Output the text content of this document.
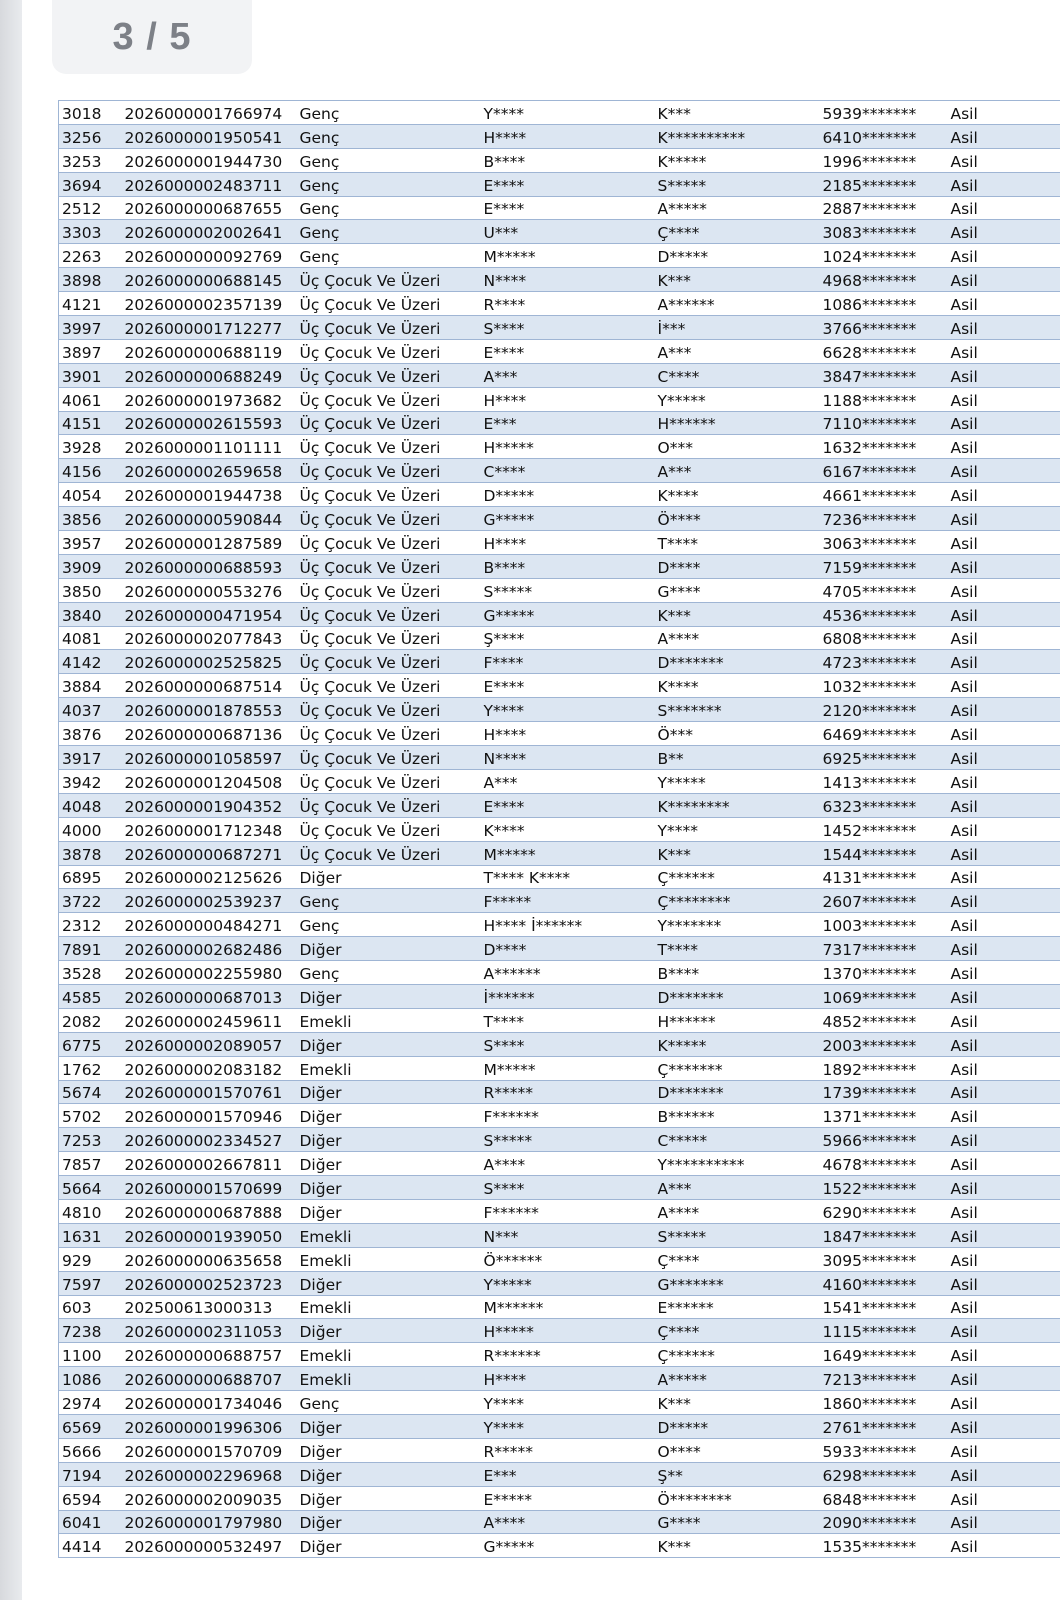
3 / 5
3018	2026000001766974	Genç	Y****	K***	5939*******	Asil
3256	2026000001950541	Genç	H****	K**********	6410*******	Asil
3253	2026000001944730	Genç	B****	K*****	1996*******	Asil
3694	2026000002483711	Genç	E****	S*****	2185*******	Asil
2512	2026000000687655	Genç	E****	A*****	2887*******	Asil
3303	2026000002002641	Genç	U***	Ç****	3083*******	Asil
2263	2026000000092769	Genç	M*****	D*****	1024*******	Asil
3898	2026000000688145	Üç Çocuk Ve Üzeri	N****	K***	4968*******	Asil
4121	2026000002357139	Üç Çocuk Ve Üzeri	R****	A******	1086*******	Asil
3997	2026000001712277	Üç Çocuk Ve Üzeri	S****	İ***	3766*******	Asil
3897	2026000000688119	Üç Çocuk Ve Üzeri	E****	A***	6628*******	Asil
3901	2026000000688249	Üç Çocuk Ve Üzeri	A***	C****	3847*******	Asil
4061	2026000001973682	Üç Çocuk Ve Üzeri	H****	Y*****	1188*******	Asil
4151	2026000002615593	Üç Çocuk Ve Üzeri	E***	H******	7110*******	Asil
3928	2026000001101111	Üç Çocuk Ve Üzeri	H*****	O***	1632*******	Asil
4156	2026000002659658	Üç Çocuk Ve Üzeri	C****	A***	6167*******	Asil
4054	2026000001944738	Üç Çocuk Ve Üzeri	D*****	K****	4661*******	Asil
3856	2026000000590844	Üç Çocuk Ve Üzeri	G*****	Ö****	7236*******	Asil
3957	2026000001287589	Üç Çocuk Ve Üzeri	H****	T****	3063*******	Asil
3909	2026000000688593	Üç Çocuk Ve Üzeri	B****	D****	7159*******	Asil
3850	2026000000553276	Üç Çocuk Ve Üzeri	S*****	G****	4705*******	Asil
3840	2026000000471954	Üç Çocuk Ve Üzeri	G*****	K***	4536*******	Asil
4081	2026000002077843	Üç Çocuk Ve Üzeri	Ş****	A****	6808*******	Asil
4142	2026000002525825	Üç Çocuk Ve Üzeri	F****	D*******	4723*******	Asil
3884	2026000000687514	Üç Çocuk Ve Üzeri	E****	K****	1032*******	Asil
4037	2026000001878553	Üç Çocuk Ve Üzeri	Y****	S*******	2120*******	Asil
3876	2026000000687136	Üç Çocuk Ve Üzeri	H****	Ö***	6469*******	Asil
3917	2026000001058597	Üç Çocuk Ve Üzeri	N****	B**	6925*******	Asil
3942	2026000001204508	Üç Çocuk Ve Üzeri	A***	Y*****	1413*******	Asil
4048	2026000001904352	Üç Çocuk Ve Üzeri	E****	K********	6323*******	Asil
4000	2026000001712348	Üç Çocuk Ve Üzeri	K****	Y****	1452*******	Asil
3878	2026000000687271	Üç Çocuk Ve Üzeri	M*****	K***	1544*******	Asil
6895	2026000002125626	Diğer	T**** K****	Ç******	4131*******	Asil
3722	2026000002539237	Genç	F*****	Ç********	2607*******	Asil
2312	2026000000484271	Genç	H**** İ******	Y*******	1003*******	Asil
7891	2026000002682486	Diğer	D****	T****	7317*******	Asil
3528	2026000002255980	Genç	A******	B****	1370*******	Asil
4585	2026000000687013	Diğer	İ******	D*******	1069*******	Asil
2082	2026000002459611	Emekli	T****	H******	4852*******	Asil
6775	2026000002089057	Diğer	S****	K*****	2003*******	Asil
1762	2026000002083182	Emekli	M*****	Ç*******	1892*******	Asil
5674	2026000001570761	Diğer	R*****	D*******	1739*******	Asil
5702	2026000001570946	Diğer	F******	B******	1371*******	Asil
7253	2026000002334527	Diğer	S*****	C*****	5966*******	Asil
7857	2026000002667811	Diğer	A****	Y**********	4678*******	Asil
5664	2026000001570699	Diğer	S****	A***	1522*******	Asil
4810	2026000000687888	Diğer	F******	A****	6290*******	Asil
1631	2026000001939050	Emekli	N***	S*****	1847*******	Asil
929	2026000000635658	Emekli	Ö******	Ç****	3095*******	Asil
7597	2026000002523723	Diğer	Y*****	G*******	4160*******	Asil
603	202500613000313	Emekli	M******	E******	1541*******	Asil
7238	2026000002311053	Diğer	H*****	Ç****	1115*******	Asil
1100	2026000000688757	Emekli	R******	Ç******	1649*******	Asil
1086	2026000000688707	Emekli	H****	A*****	7213*******	Asil
2974	2026000001734046	Genç	Y****	K***	1860*******	Asil
6569	2026000001996306	Diğer	Y****	D*****	2761*******	Asil
5666	2026000001570709	Diğer	R*****	O****	5933*******	Asil
7194	2026000002296968	Diğer	E***	Ş**	6298*******	Asil
6594	2026000002009035	Diğer	E*****	Ö********	6848*******	Asil
6041	2026000001797980	Diğer	A****	G****	2090*******	Asil
4414	2026000000532497	Diğer	G*****	K***	1535*******	Asil
